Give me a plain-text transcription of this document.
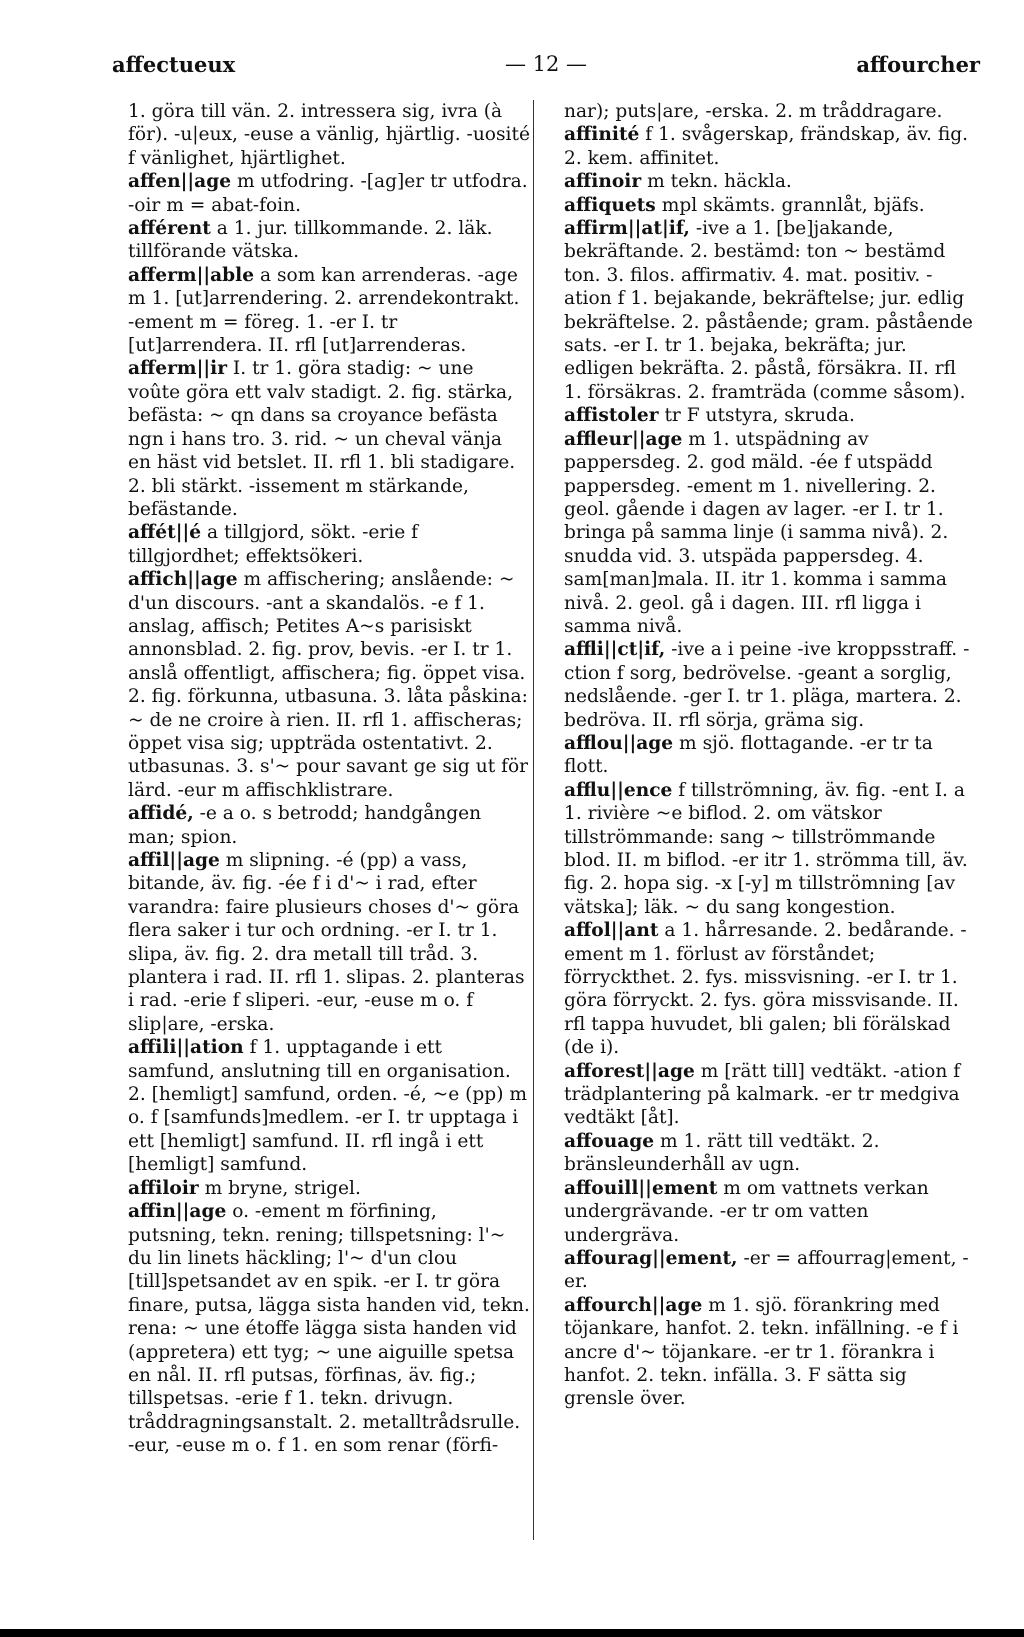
affectueux	— 12 —	affourcher

1. göra till vän. 2. intressera sig, ivra (à för). -u|eux, -euse a vänlig, hjärtlig. -uosité f vänlighet, hjärtlighet.

affen||age m utfodring. -[ag]er tr utfodra. -oir m = abat-foin.

afférent a 1. jur. tillkommande. 2. läk. tillförande vätska.

afferm||able a som kan arrenderas. -age m 1. [ut]arrendering. 2. arrendekontrakt. -ement m = föreg. 1. -er I. tr [ut]arrendera. II. rfl [ut]arrenderas.

afferm||ir I. tr 1. göra stadig: ~ une voûte göra ett valv stadigt. 2. fig. stärka, befästa: ~ qn dans sa croyance befästa ngn i hans tro. 3. rid. ~ un cheval vänja en häst vid betslet. II. rfl 1. bli stadigare. 2. bli stärkt. -issement m stärkande, befästande.

affét||é a tillgjord, sökt. -erie f tillgjordhet; effektsökeri.

affich||age m affischering; anslående: ~ d'un discours. -ant a skandalös. -e f 1. anslag, affisch; Petites A~s parisiskt annonsblad. 2. fig. prov, bevis. -er I. tr 1. anslå offentligt, affischera; fig. öppet visa. 2. fig. förkunna, utbasuna. 3. låta påskina: ~ de ne croire à rien. II. rfl 1. affischeras; öppet visa sig; uppträda ostentativt. 2. utbasunas. 3. s'~ pour savant ge sig ut för lärd. -eur m affischklistrare.

affidé, -e a o. s betrodd; handgången man; spion.

affil||age m slipning. -é (pp) a vass, bitande, äv. fig. -ée f i d'~ i rad, efter varandra: faire plusieurs choses d'~ göra flera saker i tur och ordning. -er I. tr 1. slipa, äv. fig. 2. dra metall till tråd. 3. plantera i rad. II. rfl 1. slipas. 2. planteras i rad. -erie f sliperi. -eur, -euse m o. f slip|are, -erska.

affili||ation f 1. upptagande i ett samfund, anslutning till en organisation. 2. [hemligt] samfund, orden. -é, ~e (pp) m o. f [samfunds]medlem. -er I. tr upptaga i ett [hemligt] samfund. II. rfl ingå i ett [hemligt] samfund.

affiloir m bryne, strigel.

affin||age o. -ement m förfining, putsning, tekn. rening; tillspetsning: l'~ du lin linets häckling; l'~ d'un clou [till]spetsandet av en spik. -er I. tr göra finare, putsa, lägga sista handen vid, tekn. rena: ~ une étoffe lägga sista handen vid (appretera) ett tyg; ~ une aiguille spetsa en nål. II. rfl putsas, förfinas, äv. fig.; tillspetsas. -erie f 1. tekn. drivugn. tråddragningsanstalt. 2. metalltrådsrulle. -eur, -euse m o. f 1. en som renar (förfi-

nar); puts|are, -erska. 2. m tråddragare.

affinité f 1. svågerskap, frändskap, äv. fig. 2. kem. affinitet.

affinoir m tekn. häckla.

affiquets mpl skämts. grannlåt, bjäfs.

affirm||at|if, -ive a 1. [be]jakande, bekräftande. 2. bestämd: ton ~ bestämd ton. 3. filos. affirmativ. 4. mat. positiv. -ation f 1. bejakande, bekräftelse; jur. edlig bekräftelse. 2. påstående; gram. påstående sats. -er I. tr 1. bejaka, bekräfta; jur. edligen bekräfta. 2. påstå, försäkra. II. rfl 1. försäkras. 2. framträda (comme såsom).

affistoler tr F utstyra, skruda.

affleur||age m 1. utspädning av pappersdeg. 2. god mäld. -ée f utspädd pappersdeg. -ement m 1. nivellering. 2. geol. gående i dagen av lager. -er I. tr 1. bringa på samma linje (i samma nivå). 2. snudda vid. 3. utspäda pappersdeg. 4. sam[man]mala. II. itr 1. komma i samma nivå. 2. geol. gå i dagen. III. rfl ligga i samma nivå.

affli||ct|if, -ive a i peine -ive kroppsstraff. -ction f sorg, bedrövelse. -geant a sorglig, nedslående. -ger I. tr 1. pläga, martera. 2. bedröva. II. rfl sörja, gräma sig.

afflou||age m sjö. flottagande. -er tr ta flott.

afflu||ence f tillströmning, äv. fig. -ent I. a 1. rivière ~e biflod. 2. om vätskor tillströmmande: sang ~ tillströmmande blod. II. m biflod. -er itr 1. strömma till, äv. fig. 2. hopa sig. -x [-y] m tillströmning [av vätska]; läk. ~ du sang kongestion.

affol||ant a 1. hårresande. 2. bedårande. -ement m 1. förlust av förståndet; förryckthet. 2. fys. missvisning. -er I. tr 1. göra förryckt. 2. fys. göra missvisande. II. rfl tappa huvudet, bli galen; bli förälskad (de i).

afforest||age m [rätt till] vedtäkt. -ation f trädplantering på kalmark. -er tr medgiva vedtäkt [åt].

affouage m 1. rätt till vedtäkt. 2. bränsleunderhåll av ugn.

affouill||ement m om vattnets verkan undergrävande. -er tr om vatten undergräva.

affourag||ement, -er = affourrag|ement, -er.

affourch||age m 1. sjö. förankring med töjankare, hanfot. 2. tekn. infällning. -e f i ancre d'~ töjankare. -er tr 1. förankra i hanfot. 2. tekn. infälla. 3. F sätta sig grensle över.
